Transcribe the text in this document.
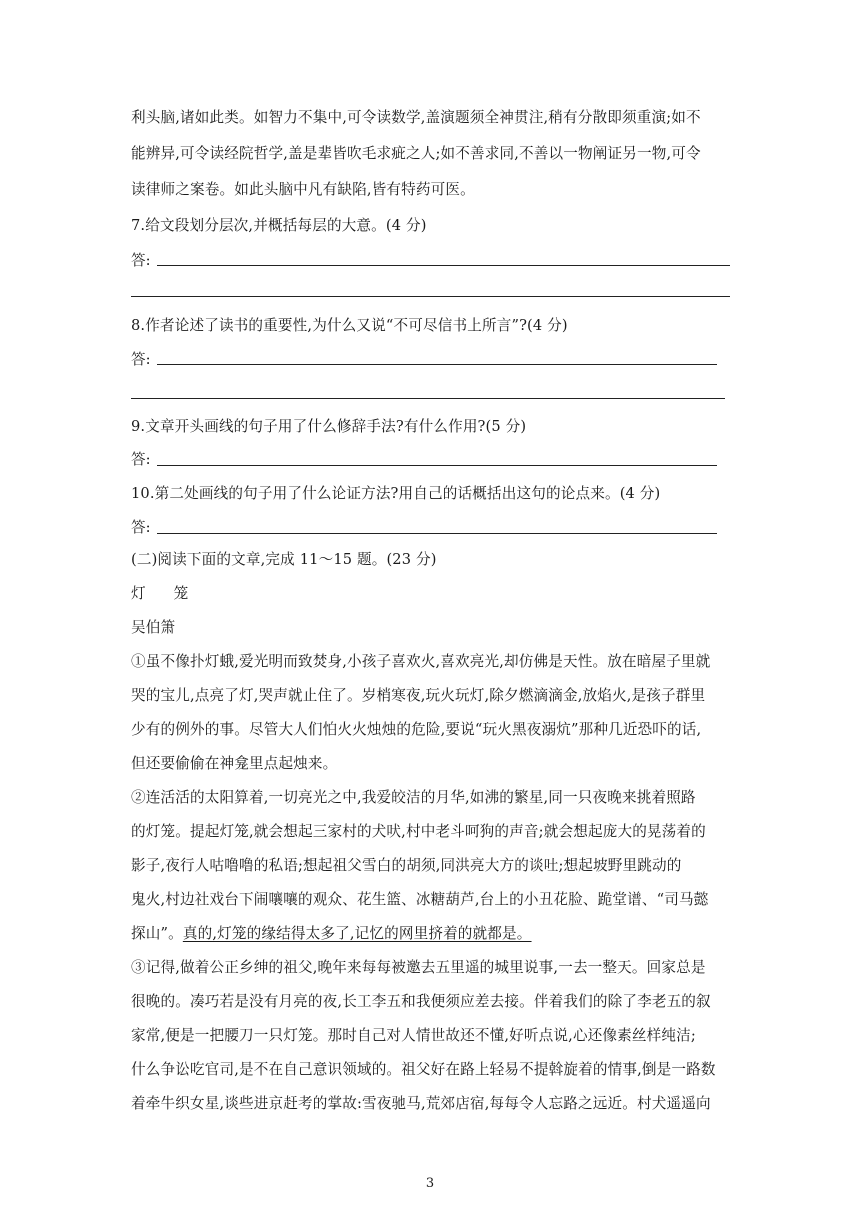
利头脑,诸如此类。如智力不集中,可令读数学,盖演题须全神贯注,稍有分散即须重演;如不
能辨异,可令读经院哲学,盖是辈皆吹毛求疵之人;如不善求同,不善以一物阐证另一物,可令
读律师之案卷。如此头脑中凡有缺陷,皆有特药可医。
7.给文段划分层次,并概括每层的大意。(4 分)
答:
8.作者论述了读书的重要性,为什么又说“不可尽信书上所言”?(4 分)
答:
9.文章开头画线的句子用了什么修辞手法?有什么作用?(5 分)
答:
10.第二处画线的句子用了什么论证方法?用自己的话概括出这句的论点来。(4 分)
答:
(二)阅读下面的文章,完成 11～15 题。(23 分)
灯笼
吴伯箫
①虽不像扑灯蛾,爱光明而致焚身,小孩子喜欢火,喜欢亮光,却仿佛是天性。放在暗屋子里就
哭的宝儿,点亮了灯,哭声就止住了。岁梢寒夜,玩火玩灯,除夕燃滴滴金,放焰火,是孩子群里
少有的例外的事。尽管大人们怕火火烛烛的危险,要说“玩火黑夜溺炕”那种几近恐吓的话,
但还要偷偷在神龛里点起烛来。
②连活活的太阳算着,一切亮光之中,我爱皎洁的月华,如沸的繁星,同一只夜晚来挑着照路
的灯笼。提起灯笼,就会想起三家村的犬吠,村中老斗呵狗的声音;就会想起庞大的晃荡着的
影子,夜行人咕噜噜的私语;想起祖父雪白的胡须,同洪亮大方的谈吐;想起坡野里跳动的
鬼火,村边社戏台下闹嚷嚷的观众、花生篮、冰糖葫芦,台上的小丑花脸、跪堂谱、“司马懿
探山”。真的,灯笼的缘结得太多了,记忆的网里挤着的就都是。
③记得,做着公正乡绅的祖父,晚年来每每被邀去五里遥的城里说事,一去一整天。回家总是
很晚的。凑巧若是没有月亮的夜,长工李五和我便须应差去接。伴着我们的除了李老五的叙
家常,便是一把腰刀一只灯笼。那时自己对人情世故还不懂,好听点说,心还像素丝样纯洁;
什么争讼吃官司,是不在自己意识领域的。祖父好在路上轻易不提斡旋着的情事,倒是一路数
着牵牛织女星,谈些进京赶考的掌故:雪夜驰马,荒郊店宿,每每令人忘路之远近。村犬遥遥向
3
